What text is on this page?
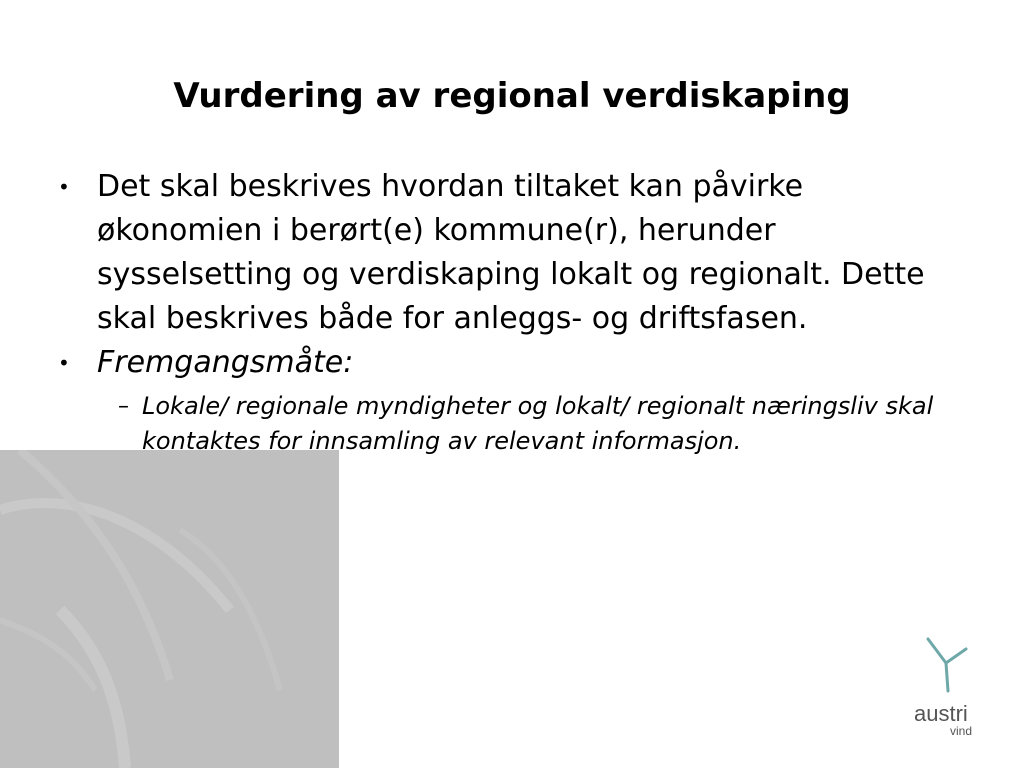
Vurdering av regional verdiskaping
• Det skal beskrives hvordan tiltaket kan påvirke økonomien i berørt(e) kommune(r), herunder sysselsetting og verdiskaping lokalt og regionalt. Dette skal beskrives både for anleggs- og driftsfasen.
• Fremgangsmåte:
– Lokale/ regionale myndigheter og lokalt/ regionalt næringsliv skal kontaktes for innsamling av relevant informasjon.
austri
vind
